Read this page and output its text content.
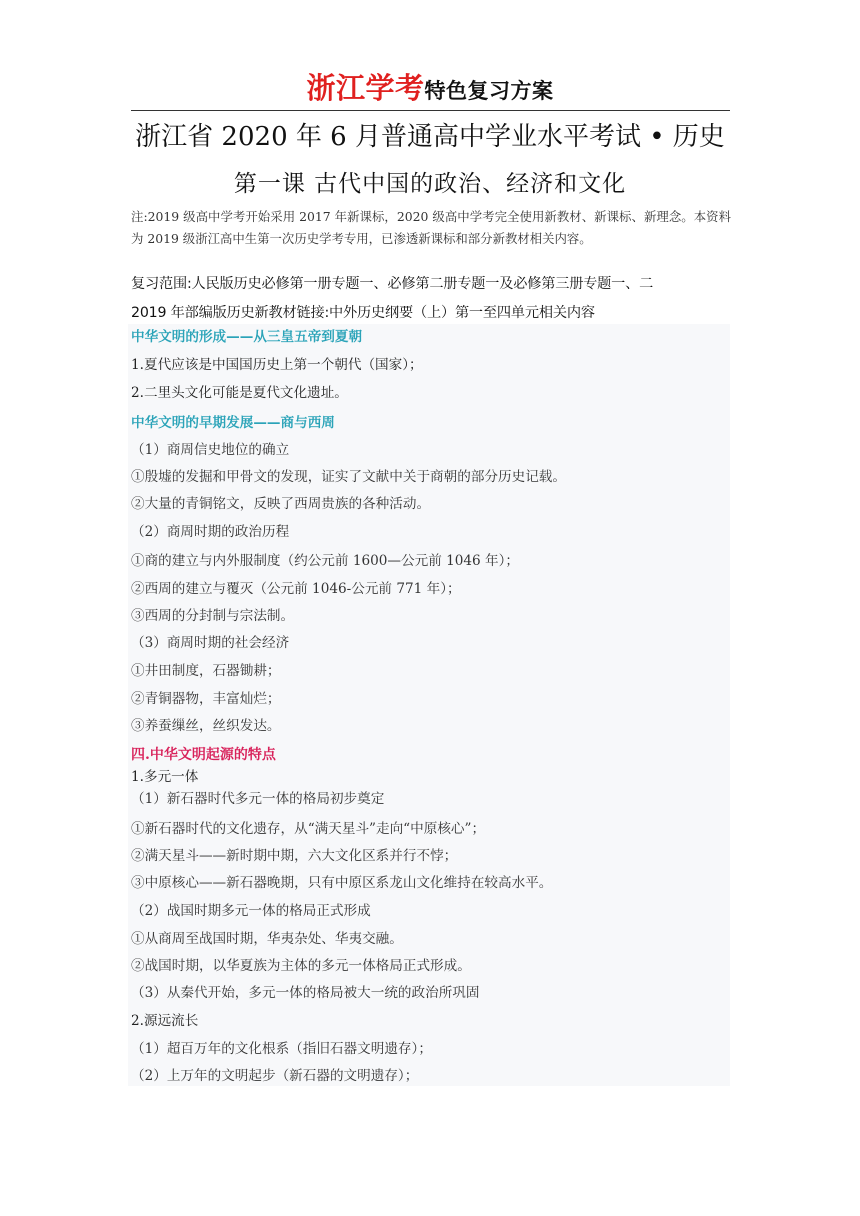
浙江学考特色复习方案
浙江省 2020 年 6 月普通高中学业水平考试 • 历史
第一课 古代中国的政治、经济和文化
注:2019 级高中学考开始采用 2017 年新课标，2020 级高中学考完全使用新教材、新课标、新理念。本资料为 2019 级浙江高中生第一次历史学考专用，已渗透新课标和部分新教材相关内容。
复习范围:人民版历史必修第一册专题一、必修第二册专题一及必修第三册专题一、二
2019 年部编版历史新教材链接:中外历史纲要（上）第一至四单元相关内容
中华文明的形成——从三皇五帝到夏朝
1.夏代应该是中国国历史上第一个朝代（国家）；
2.二里头文化可能是夏代文化遗址。
中华文明的早期发展——商与西周
（1）商周信史地位的确立
①殷墟的发掘和甲骨文的发现，证实了文献中关于商朝的部分历史记载。
②大量的青铜铭文，反映了西周贵族的各种活动。
（2）商周时期的政治历程
①商的建立与内外服制度（约公元前 1600—公元前 1046 年）；
②西周的建立与覆灭（公元前 1046-公元前 771 年）；
③西周的分封制与宗法制。
（3）商周时期的社会经济
①井田制度，石器锄耕；
②青铜器物，丰富灿烂；
③养蚕缫丝，丝织发达。
四.中华文明起源的特点
1.多元一体
（1）新石器时代多元一体的格局初步奠定
①新石器时代的文化遗存，从“满天星斗”走向“中原核心”；
②满天星斗——新时期中期，六大文化区系并行不悖；
③中原核心——新石器晚期，只有中原区系龙山文化维持在较高水平。
（2）战国时期多元一体的格局正式形成
①从商周至战国时期，华夷杂处、华夷交融。
②战国时期，以华夏族为主体的多元一体格局正式形成。
（3）从秦代开始，多元一体的格局被大一统的政治所巩固
2.源远流长
（1）超百万年的文化根系（指旧石器文明遗存）；
（2）上万年的文明起步（新石器的文明遗存）；
